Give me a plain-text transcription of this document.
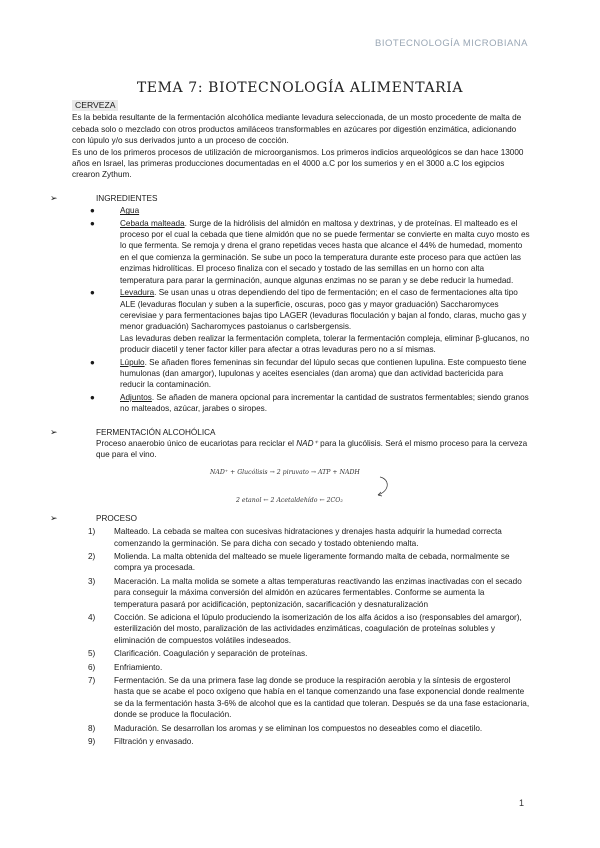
BIOTECNOLOGÍA MICROBIANA
TEMA 7: BIOTECNOLOGÍA ALIMENTARIA
CERVEZA

Es la bebida resultante de la fermentación alcohólica mediante levadura seleccionada, de un mosto procedente de malta de cebada solo o mezclado con otros productos amiláceos transformables en azúcares por digestión enzimática, adicionando con lúpulo y/o sus derivados junto a un proceso de cocción.

Es uno de los primeros procesos de utilización de microorganismos. Los primeros indicios arqueológicos se dan hace 13000 años en Israel, las primeras producciones documentadas en el 4000 a.C por los sumerios y en el 3000 a.C los egipcios crearon Zythum.

➢	INGREDIENTES
●	Agua
●	Cebada malteada. Surge de la hidrólisis del almidón en maltosa y dextrinas, y de proteínas. El malteado es el proceso por el cual la cebada que tiene almidón que no se puede fermentar se convierte en malta cuyo mosto es lo que fermenta. Se remoja y drena el grano repetidas veces hasta que alcance el 44% de humedad, momento en el que comienza la germinación. Se sube un poco la temperatura durante este proceso para que actúen las enzimas hidrolíticas. El proceso finaliza con el secado y tostado de las semillas en un horno con alta temperatura para parar la germinación, aunque algunas enzimas no se paran y se debe reducir la humedad.
●	Levadura. Se usan unas u otras dependiendo del tipo de fermentación; en el caso de fermentaciones alta tipo ALE (levaduras floculan y suben a la superficie, oscuras, poco gas y mayor graduación) Saccharomyces cerevisiae y para fermentaciones bajas tipo LAGER (levaduras floculación y bajan al fondo, claras, mucho gas y menor graduación) Sacharomyces pastoianus o carlsbergensis.

Las levaduras deben realizar la fermentación completa, tolerar la fermentación compleja, eliminar β-glucanos, no producir diacetil y tener factor killer para afectar a otras levaduras pero no a sí mismas.

●	Lúpulo. Se añaden flores femeninas sin fecundar del lúpulo secas que contienen lupulina. Este compuesto tiene humulonas (dan amargor), lupulonas y aceites esenciales (dan aroma) que dan actividad bactericida para reducir la contaminación.
●	Adjuntos. Se añaden de manera opcional para incrementar la cantidad de sustratos fermentables; siendo granos no malteados, azúcar, jarabes o siropes.
➢	FERMENTACIÓN ALCOHÓLICA

Proceso anaerobio único de eucariotas para reciclar el NAD⁺ para la glucólisis. Será el mismo proceso para la cerveza que para el vino.

NAD⁺ + Glucólisis → 2 piruvato → ATP + NADH
2 etanol ← 2 Acetaldehído ← 2CO₂
➢	PROCESO
1) Malteado. La cebada se maltea con sucesivas hidrataciones y drenajes hasta adquirir la humedad correcta comenzando la germinación. Se para dicha con secado y tostado obteniendo malta.
2) Molienda. La malta obtenida del malteado se muele ligeramente formando malta de cebada, normalmente se compra ya procesada.
3) Maceración. La malta molida se somete a altas temperaturas reactivando las enzimas inactivadas con el secado para conseguir la máxima conversión del almidón en azúcares fermentables. Conforme se aumenta la temperatura pasará por acidificación, peptonización, sacarificación y desnaturalización
4) Cocción. Se adiciona el lúpulo produciendo la isomerización de los alfa ácidos a iso (responsables del amargor), esterilización del mosto, paralización de las actividades enzimáticas, coagulación de proteínas solubles y eliminación de compuestos volátiles indeseados.
5) Clarificación. Coagulación y separación de proteínas.
6) Enfriamiento.
7) Fermentación. Se da una primera fase lag donde se produce la respiración aerobia y la síntesis de ergosterol hasta que se acabe el poco oxígeno que había en el tanque comenzando una fase exponencial donde realmente se da la fermentación hasta 3-6% de alcohol que es la cantidad que toleran. Después se da una fase estacionaria, donde se produce la floculación.
8) Maduración. Se desarrollan los aromas y se eliminan los compuestos no deseables como el diacetilo.
9) Filtración y envasado.
1
